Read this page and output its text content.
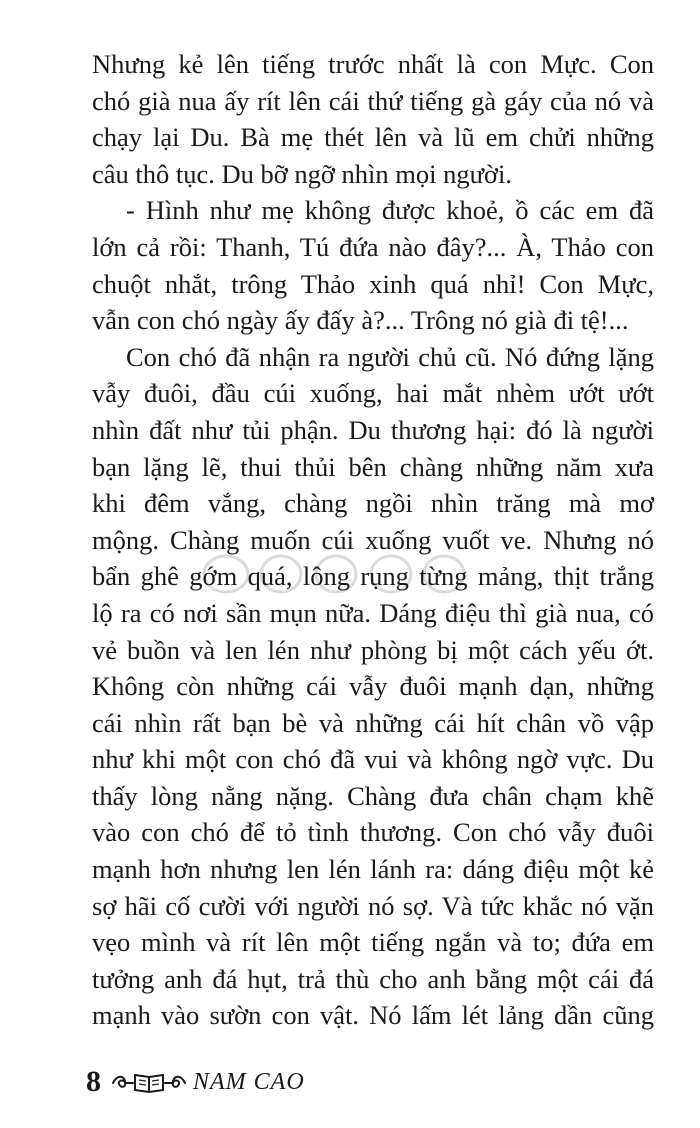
Nhưng kẻ lên tiếng trước nhất là con Mực. Con
chó già nua ấy rít lên cái thứ tiếng gà gáy của nó và
chạy lại Du. Bà mẹ thét lên và lũ em chửi những
câu thô tục. Du bỡ ngỡ nhìn mọi người.
- Hình như mẹ không được khoẻ, ồ các em đã
lớn cả rồi: Thanh, Tú đứa nào đây?... À, Thảo con
chuột nhắt, trông Thảo xinh quá nhỉ! Con Mực,
vẫn con chó ngày ấy đấy à?... Trông nó già đi tệ!...
Con chó đã nhận ra người chủ cũ. Nó đứng lặng
vẫy đuôi, đầu cúi xuống, hai mắt nhèm ướt ướt
nhìn đất như tủi phận. Du thương hại: đó là người
bạn lặng lẽ, thui thủi bên chàng những năm xưa
khi đêm vắng, chàng ngồi nhìn trăng mà mơ
mộng. Chàng muốn cúi xuống vuốt ve. Nhưng nó
bẩn ghê gớm quá, lông rụng từng mảng, thịt trắng
lộ ra có nơi sần mụn nữa. Dáng điệu thì già nua, có
vẻ buồn và len lén như phòng bị một cách yếu ớt.
Không còn những cái vẫy đuôi mạnh dạn, những
cái nhìn rất bạn bè và những cái hít chân vồ vập
như khi một con chó đã vui và không ngờ vực. Du
thấy lòng nằng nặng. Chàng đưa chân chạm khẽ
vào con chó để tỏ tình thương. Con chó vẫy đuôi
mạnh hơn nhưng len lén lánh ra: dáng điệu một kẻ
sợ hãi cố cười với người nó sợ. Và tức khắc nó vặn
vẹo mình và rít lên một tiếng ngắn và to; đứa em
tưởng anh đá hụt, trả thù cho anh bằng một cái đá
mạnh vào sườn con vật. Nó lấm lét lảng dần cũng
8	NAM CAO
